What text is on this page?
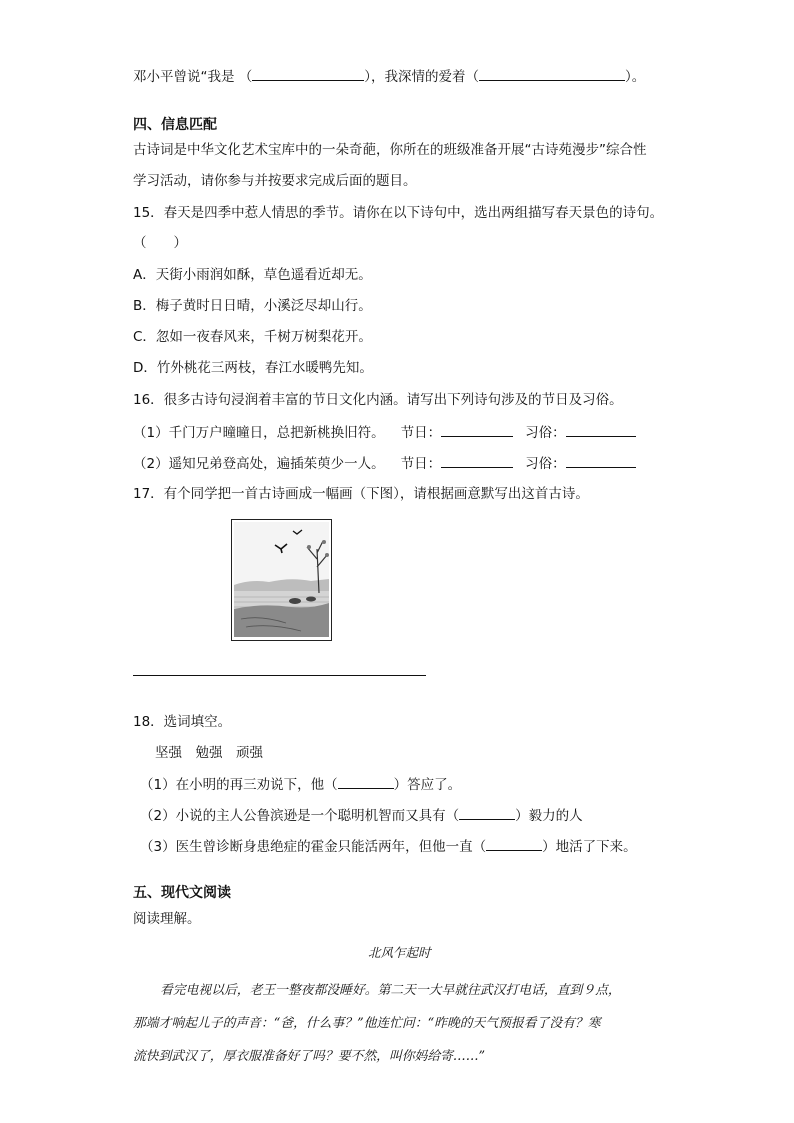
邓小平曾说“我是 （	），我深情的爱着（	）。
四、信息匹配
古诗词是中华文化艺术宝库中的一朵奇葩，你所在的班级准备开展“古诗苑漫步”综合性
学习活动，请你参与并按要求完成后面的题目。
15．春天是四季中惹人情思的季节。请你在以下诗句中，选出两组描写春天景色的诗句。
（　　）
A．天街小雨润如酥，草色遥看近却无。
B．梅子黄时日日晴，小溪泛尽却山行。
C．忽如一夜春风来，千树万树梨花开。
D．竹外桃花三两枝，春江水暖鸭先知。
16．很多古诗句浸润着丰富的节日文化内涵。请写出下列诗句涉及的节日及习俗。
（1）千门万户曈曈日，总把新桃换旧符。 节日：	习俗：
（2）遥知兄弟登高处，遍插茱萸少一人。 节日：	习俗：
17．有个同学把一首古诗画成一幅画（下图），请根据画意默写出这首古诗。
18．选词填空。
坚强　勉强　顽强
（1）在小明的再三劝说下，他（	）答应了。
（2）小说的主人公鲁滨逊是一个聪明机智而又具有（	）毅力的人
（3）医生曾诊断身患绝症的霍金只能活两年，但他一直（	）地活了下来。
五、现代文阅读
阅读理解。
北风乍起时
看完电视以后，老王一整夜都没睡好。第二天一大早就往武汉打电话，直到９点，
那端才响起儿子的声音：“爸，什么事？”他连忙问：“昨晚的天气预报看了没有？寒
流快到武汉了，厚衣服准备好了吗？要不然，叫你妈给寄……”
